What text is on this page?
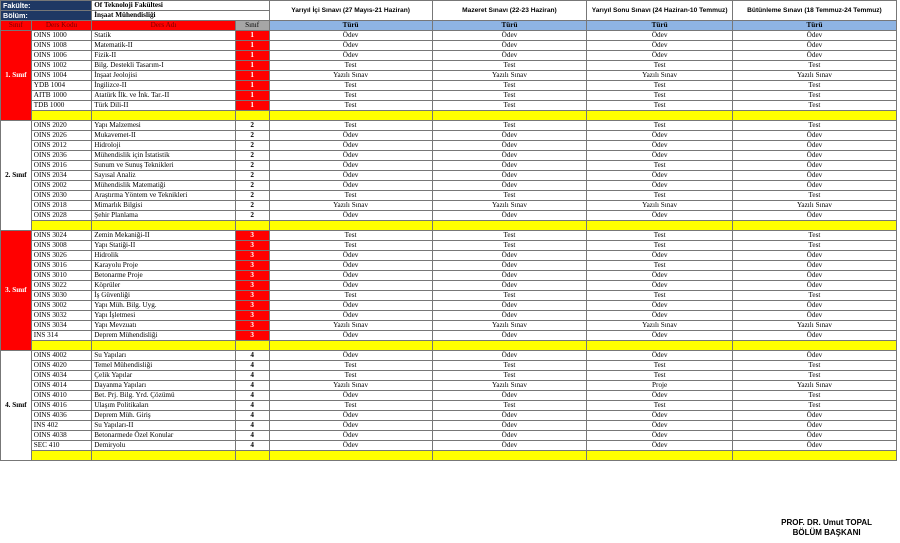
Fakülte:		Of Teknoloji Fakültesi		Yarıyıl İçi Sınavı (27 Mayıs-21 Haziran)	Mazeret Sınavı (22-23 Haziran)	Yarıyıl Sonu Sınavı (24 Haziran-10 Temmuz)	Bütünleme Sınavı (18 Temmuz-24 Temmuz)
Bölüm:		İnşaat Mühendisliği					
Sınıf	Ders Kodu	Ders Adı	Sınıf	Türü	Türü	Türü	Türü
1. Sınıf	OINS 1000	Statik	1	Ödev	Ödev	Ödev	Ödev
	OINS 1008	Matematik-II	1	Ödev	Ödev	Ödev	Ödev
	OINS 1006	Fizik-II	1	Ödev	Ödev	Ödev	Ödev
	OINS 1002	Bilg. Destekli Tasarım-I	1	Test	Test	Test	Test
	OINS 1004	İnşaat Jeolojisi	1	Yazılı Sınav	Yazılı Sınav	Yazılı Sınav	Yazılı Sınav
	YDB 1004	İngilizce-II	1	Test	Test	Test	Test
	AITB 1000	Atatürk İlk. ve İnk. Tar.-II	1	Test	Test	Test	Test
	TDB 1000	Türk Dili-II	1	Test	Test	Test	Test

2. Sınıf	OINS 2020	Yapı Malzemesi	2	Test	Test	Test	Test
	OINS 2026	Mukavemet-II	2	Ödev	Ödev	Ödev	Ödev
	OINS 2012	Hidroloji	2	Ödev	Ödev	Ödev	Ödev
	OINS 2036	Mühendislik için İstatistik	2	Ödev	Ödev	Ödev	Ödev
	OINS 2016	Sunum ve Sunuş Teknikleri	2	Ödev	Ödev	Test	Ödev
	OINS 2034	Sayısal Analiz	2	Ödev	Ödev	Ödev	Ödev
	OINS 2002	Mühendislik Matematiği	2	Ödev	Ödev	Ödev	Ödev
	OINS 2030	Araştırma Yöntem ve Teknikleri	2	Test	Test	Test	Test
	OINS 2018	Mimarlık Bilgisi	2	Yazılı Sınav	Yazılı Sınav	Yazılı Sınav	Yazılı Sınav
	OINS 2028	Şehir Planlama	2	Ödev	Ödev	Ödev	Ödev

3. Sınıf	OINS 3024	Zemin Mekaniği-II	3	Test	Test	Test	Test
	OINS 3008	Yapı Statiği-II	3	Test	Test	Test	Test
	OINS 3026	Hidrolik	3	Ödev	Ödev	Ödev	Ödev
	OINS 3016	Karayolu Proje	3	Ödev	Ödev	Test	Ödev
	OINS 3010	Betonarme Proje	3	Ödev	Ödev	Ödev	Ödev
	OINS 3022	Köprüler	3	Ödev	Ödev	Ödev	Ödev
	OINS 3030	İş Güvenliği	3	Test	Test	Test	Test
	OINS 3002	Yapı Müh. Bilg. Uyg.	3	Ödev	Ödev	Ödev	Ödev
	OINS 3032	Yapı İşletmesi	3	Ödev	Ödev	Ödev	Ödev
	OINS 3034	Yapı Mevzuatı	3	Yazılı Sınav	Yazılı Sınav	Yazılı Sınav	Yazılı Sınav
	INS 314	Deprem Mühendisliği	3	Ödev	Ödev	Ödev	Ödev

4. Sınıf	OINS 4002	Su Yapıları	4	Ödev	Ödev	Ödev	Ödev
	OINS 4020	Temel Mühendisliği	4	Test	Test	Test	Test
	OINS 4034	Çelik Yapılar	4	Test	Test	Test	Test
	OINS 4014	Dayanma Yapıları	4	Yazılı Sınav	Yazılı Sınav	Proje	Yazılı Sınav
	OINS 4010	Bet. Prj. Bilg. Yrd. Çözümü	4	Ödev	Ödev	Ödev	Test
	OINS 4016	Ulaşım Politikaları	4	Test	Test	Test	Test
	OINS 4036	Deprem Müh. Giriş	4	Ödev	Ödev	Ödev	Ödev
	INS 402	Su Yapıları-II	4	Ödev	Ödev	Ödev	Ödev
	OINS 4038	Betonarmede Özel Konular	4	Ödev	Ödev	Ödev	Ödev
	SEC 410	Demiryolu	4	Ödev	Ödev	Ödev	Ödev

PROF. DR. Umut TOPAL
BÖLÜM BAŞKANI
